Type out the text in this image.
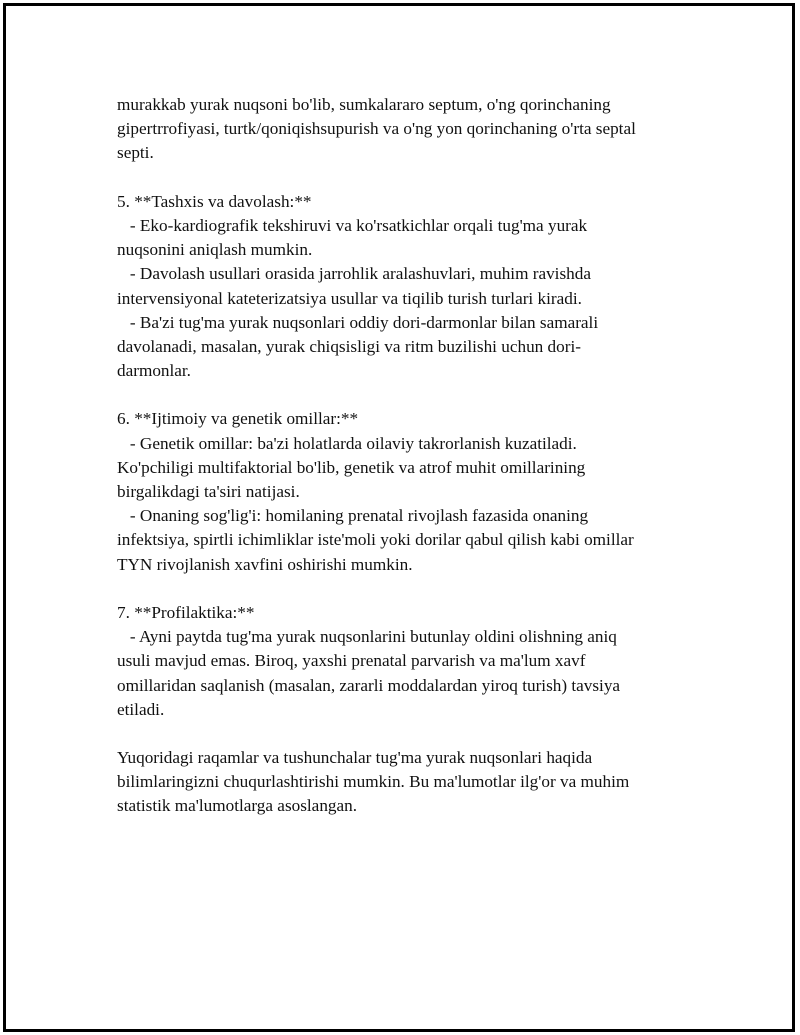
murakkab yurak nuqsoni bo'lib, sumkalararo septum, o'ng qorinchaning
gipertrrofiyasi, turtk/qoniqishsupurish va o'ng yon qorinchaning o'rta septal
septi.
5. **Tashxis va davolash:**
- Eko-kardiografik tekshiruvi va ko'rsatkichlar orqali tug'ma yurak
nuqsonini aniqlash mumkin.
- Davolash usullari orasida jarrohlik aralashuvlari, muhim ravishda
intervensiyonal kateterizatsiya usullar va tiqilib turish turlari kiradi.
- Ba'zi tug'ma yurak nuqsonlari oddiy dori-darmonlar bilan samarali
davolanadi, masalan, yurak chiqsisligi va ritm buzilishi uchun dori-
darmonlar.
6. **Ijtimoiy va genetik omillar:**
- Genetik omillar: ba'zi holatlarda oilaviy takrorlanish kuzatiladi.
Ko'pchiligi multifaktorial bo'lib, genetik va atrof muhit omillarining
birgalikdagi ta'siri natijasi.
- Onaning sog'lig'i: homilaning prenatal rivojlash fazasida onaning
infektsiya, spirtli ichimliklar iste'moli yoki dorilar qabul qilish kabi omillar
TYN rivojlanish xavfini oshirishi mumkin.
7. **Profilaktika:**
- Ayni paytda tug'ma yurak nuqsonlarini butunlay oldini olishning aniq
usuli mavjud emas. Biroq, yaxshi prenatal parvarish va ma'lum xavf
omillaridan saqlanish (masalan, zararli moddalardan yiroq turish) tavsiya
etiladi.
Yuqoridagi raqamlar va tushunchalar tug'ma yurak nuqsonlari haqida
bilimlaringizni chuqurlashtirishi mumkin. Bu ma'lumotlar ilg'or va muhim
statistik ma'lumotlarga asoslangan.
